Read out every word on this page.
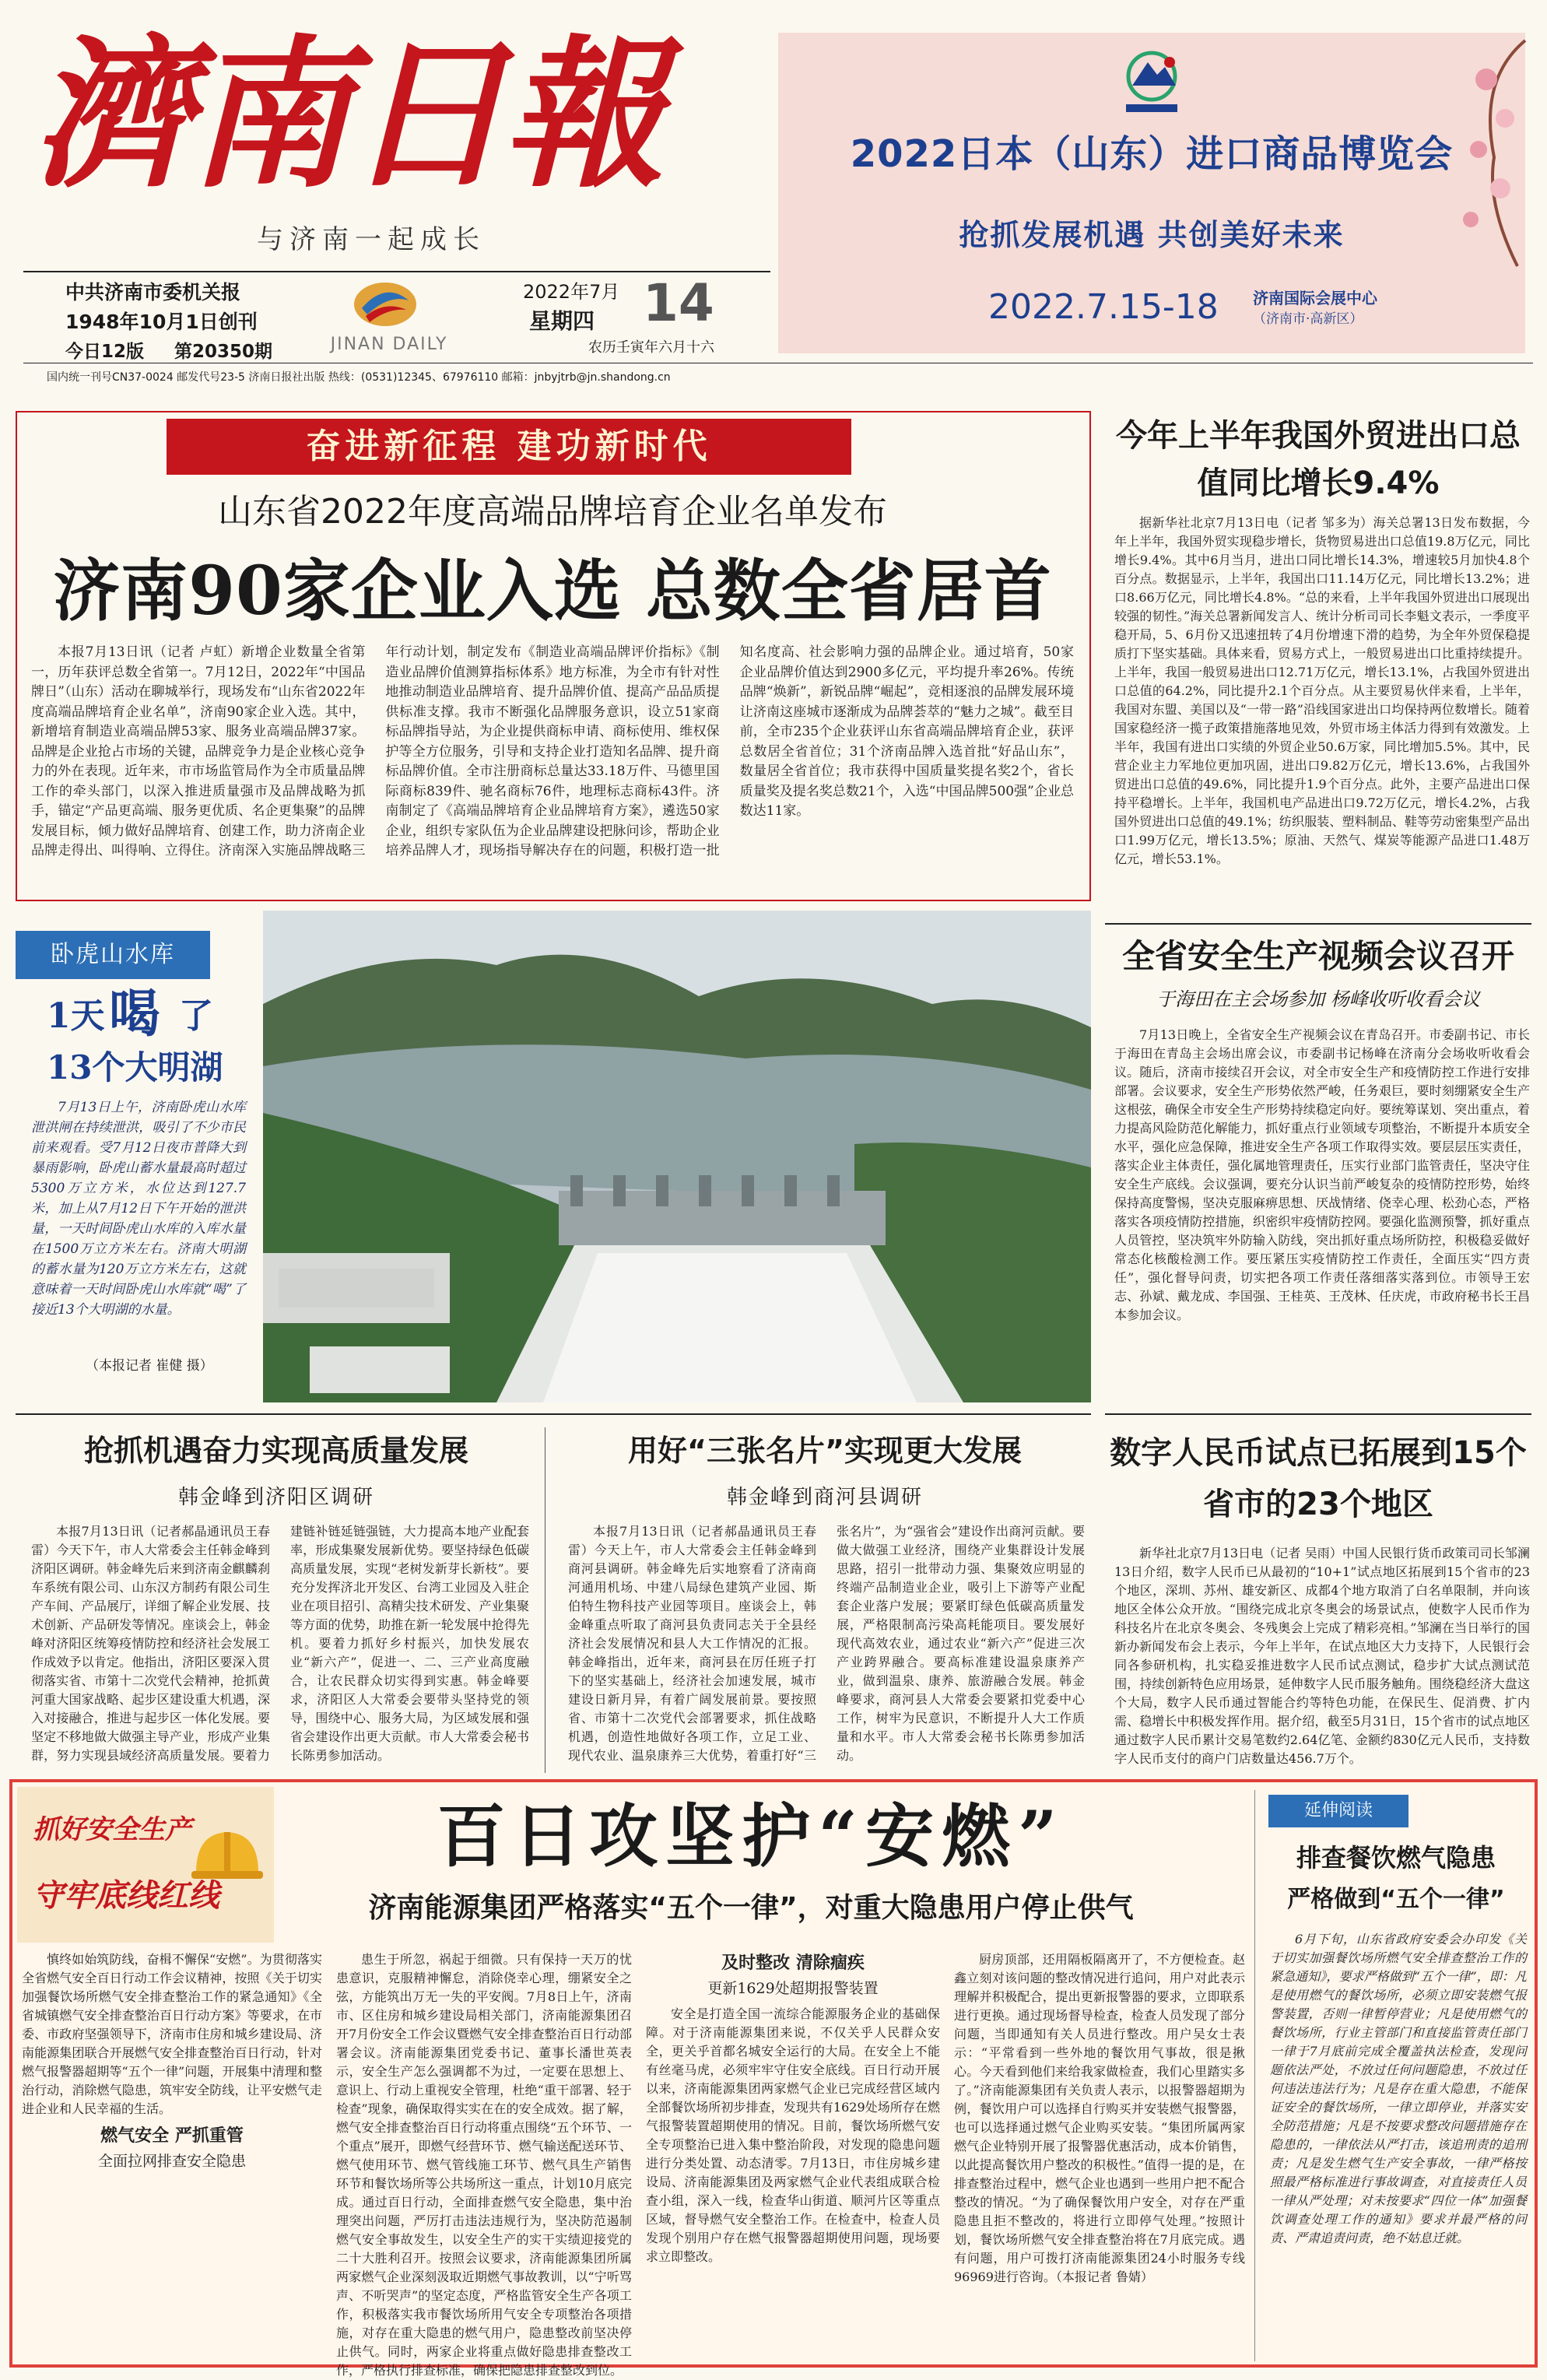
濟南日報
与济南一起成长
中共济南市委机关报
1948年10月1日创刊
今日12版	第20350期	JINAN DAILY
2022年7月
星期四 14
农历壬寅年六月十六
国内统一刊号CN37-0024 邮发代号23-5 济南日报社出版 热线：(0531)12345、67976110 邮箱：jnbyjtrb@jn.shandong.cn
2022日本（山东）进口商品博览会
抢抓发展机遇 共创美好未来
2022.7.15-18	济南国际会展中心
（济南市·高新区）
奋进新征程 建功新时代
山东省2022年度高端品牌培育企业名单发布
济南90家企业入选 总数全省居首

本报7月13日讯（记者 卢虹）新增企业数量全省第一，历年获评总数全省第一。7月12日，2022年“中国品牌日”（山东）活动在聊城举行，现场发布“山东省2022年度高端品牌培育企业名单”，济南90家企业入选。其中，新增培育制造业高端品牌53家、服务业高端品牌37家。品牌是企业抢占市场的关键，品牌竞争力是企业核心竞争力的外在表现。近年来，市市场监管局作为全市质量品牌工作的牵头部门，以深入推进质量强市及品牌战略为抓手，锚定“产品更高端、服务更优质、名企更集聚”的品牌发展目标，倾力做好品牌培育、创建工作，助力济南企业品牌走得出、叫得响、立得住。济南深入实施品牌战略三年行动计划，制定发布《制造业高端品牌评价指标》《制造业品牌价值测算指标体系》地方标准，为全市有针对性地推动制造业品牌培育、提升品牌价值、提高产品品质提供标准支撑。我市不断强化品牌服务意识，设立51家商标品牌指导站，为企业提供商标申请、商标使用、维权保护等全方位服务，引导和支持企业打造知名品牌、提升商标品牌价值。全市注册商标总量达33.18万件、马德里国际商标839件、驰名商标76件，地理标志商标43件。济南制定了《高端品牌培育企业品牌培育方案》，遴选50家企业，组织专家队伍为企业品牌建设把脉问诊，帮助企业培养品牌人才，现场指导解决存在的问题，积极打造一批知名度高、社会影响力强的品牌企业。通过培育，50家企业品牌价值达到2900多亿元，平均提升率26%。传统品牌“焕新”，新锐品牌“崛起”，竞相逐浪的品牌发展环境让济南这座城市逐渐成为品牌荟萃的“魅力之城”。截至目前，全市235个企业获评山东省高端品牌培育企业，获评总数居全省首位；31个济南品牌入选首批“好品山东”，数量居全省首位；我市获得中国质量奖提名奖2个，省长质量奖及提名奖总数21个，入选“中国品牌500强”企业总数达11家。

今年上半年我国外贸进出口总值同比增长9.4%

据新华社北京7月13日电（记者 邹多为）海关总署13日发布数据，今年上半年，我国外贸实现稳步增长，货物贸易进出口总值19.8万亿元，同比增长9.4%。其中6月当月，进出口同比增长14.3%，增速较5月加快4.8个百分点。数据显示，上半年，我国出口11.14万亿元，同比增长13.2%；进口8.66万亿元，同比增长4.8%。“总的来看，上半年我国外贸进出口展现出较强的韧性。”海关总署新闻发言人、统计分析司司长李魁文表示，一季度平稳开局，5、6月份又迅速扭转了4月份增速下滑的趋势，为全年外贸保稳提质打下坚实基础。具体来看，贸易方式上，一般贸易进出口比重持续提升。上半年，我国一般贸易进出口12.71万亿元，增长13.1%，占我国外贸进出口总值的64.2%，同比提升2.1个百分点。从主要贸易伙伴来看，上半年，我国对东盟、美国以及“一带一路”沿线国家进出口均保持两位数增长。随着国家稳经济一揽子政策措施落地见效，外贸市场主体活力得到有效激发。上半年，我国有进出口实绩的外贸企业50.6万家，同比增加5.5%。其中，民营企业主力军地位更加巩固，进出口9.82万亿元，增长13.6%，占我国外贸进出口总值的49.6%，同比提升1.9个百分点。此外，主要产品进出口保持平稳增长。上半年，我国机电产品进出口9.72万亿元，增长4.2%，占我国外贸进出口总值的49.1%；纺织服装、塑料制品、鞋等劳动密集型产品出口1.99万亿元，增长13.5%；原油、天然气、煤炭等能源产品进口1.48万亿元，增长53.1%。

卧虎山水库
1天 喝 了
13个大明湖

7月13日上午，济南卧虎山水库泄洪闸在持续泄洪，吸引了不少市民前来观看。受7月12日夜市普降大到暴雨影响，卧虎山蓄水量最高时超过5300万立方米，水位达到127.7米，加上从7月12日下午开始的泄洪量，一天时间卧虎山水库的入库水量在1500万立方米左右。济南大明湖的蓄水量为120万立方米左右，这就意味着一天时间卧虎山水库就“喝”了接近13个大明湖的水量。

（本报记者 崔健 摄）
全省安全生产视频会议召开
于海田在主会场参加 杨峰收听收看会议

7月13日晚上，全省安全生产视频会议在青岛召开。市委副书记、市长于海田在青岛主会场出席会议，市委副书记杨峰在济南分会场收听收看会议。随后，济南市接续召开会议，对全市安全生产和疫情防控工作进行安排部署。会议要求，安全生产形势依然严峻，任务艰巨，要时刻绷紧安全生产这根弦，确保全市安全生产形势持续稳定向好。要统筹谋划、突出重点，着力提高风险防范化解能力，抓好重点行业领域专项整治，不断提升本质安全水平，强化应急保障，推进安全生产各项工作取得实效。要层层压实责任，落实企业主体责任，强化属地管理责任，压实行业部门监管责任，坚决守住安全生产底线。会议强调，要充分认识当前严峻复杂的疫情防控形势，始终保持高度警惕，坚决克服麻痹思想、厌战情绪、侥幸心理、松劲心态，严格落实各项疫情防控措施，织密织牢疫情防控网。要强化监测预警，抓好重点人员管控，坚决筑牢外防输入防线，突出抓好重点场所防控，积极稳妥做好常态化核酸检测工作。要压紧压实疫情防控工作责任，全面压实“四方责任”，强化督导问责，切实把各项工作责任落细落实落到位。市领导王宏志、孙斌、戴龙成、李国强、王桂英、王茂林、任庆虎，市政府秘书长王昌本参加会议。

抢抓机遇奋力实现高质量发展
韩金峰到济阳区调研

本报7月13日讯（记者郝晶通讯员王春雷）今天下午，市人大常委会主任韩金峰到济阳区调研。韩金峰先后来到济南金麒麟刹车系统有限公司、山东汉方制药有限公司生产车间、产品展厅，详细了解企业发展、技术创新、产品研发等情况。座谈会上，韩金峰对济阳区统筹疫情防控和经济社会发展工作成效予以肯定。他指出，济阳区要深入贯彻落实省、市第十二次党代会精神，抢抓黄河重大国家战略、起步区建设重大机遇，深入对接融合，推进与起步区一体化发展。要坚定不移地做大做强主导产业，形成产业集群，努力实现县域经济高质量发展。要着力建链补链延链强链，大力提高本地产业配套率，形成集聚发展新优势。要坚持绿色低碳高质量发展，实现“老树发新芽长新枝”。要充分发挥济北开发区、台湾工业园及入驻企业在项目招引、高精尖技术研发、产业集聚等方面的优势，助推在新一轮发展中抢得先机。要着力抓好乡村振兴，加快发展农业“新六产”，促进一、二、三产业高度融合，让农民群众切实得到实惠。韩金峰要求，济阳区人大常委会要带头坚持党的领导，围绕中心、服务大局，为区域发展和强省会建设作出更大贡献。市人大常委会秘书长陈勇参加活动。

用好“三张名片”实现更大发展
韩金峰到商河县调研

本报7月13日讯（记者郝晶通讯员王春雷）今天上午，市人大常委会主任韩金峰到商河县调研。韩金峰先后实地察看了济南商河通用机场、中建八局绿色建筑产业园、斯伯特生物科技产业园等项目。座谈会上，韩金峰重点听取了商河县负责同志关于全县经济社会发展情况和县人大工作情况的汇报。韩金峰指出，近年来，商河县在厉任班子打下的坚实基础上，经济社会加速发展，城市建设日新月异，有着广阔发展前景。要按照省、市第十二次党代会部署要求，抓住战略机遇，创造性地做好各项工作，立足工业、现代农业、温泉康养三大优势，着重打好“三张名片”，为“强省会”建设作出商河贡献。要做大做强工业经济，围绕产业集群设计发展思路，招引一批带动力强、集聚效应明显的终端产品制造业企业，吸引上下游等产业配套企业落户发展；要紧盯绿色低碳高质量发展，严格限制高污染高耗能项目。要发展好现代高效农业，通过农业“新六产”促进三次产业跨界融合。要高标准建设温泉康养产业，做到温泉、康养、旅游融合发展。韩金峰要求，商河县人大常委会要紧扣党委中心工作，树牢为民意识，不断提升人大工作质量和水平。市人大常委会秘书长陈勇参加活动。

数字人民币试点已拓展到15个省市的23个地区

新华社北京7月13日电（记者 吴雨）中国人民银行货币政策司司长邹澜13日介绍，数字人民币已从最初的“10+1”试点地区拓展到15个省市的23个地区，深圳、苏州、雄安新区、成都4个地方取消了白名单限制，并向该地区全体公众开放。“围绕完成北京冬奥会的场景试点，使数字人民币作为科技名片在北京冬奥会、冬残奥会上完成了精彩亮相。”邹澜在当日举行的国新办新闻发布会上表示，今年上半年，在试点地区大力支持下，人民银行会同各参研机构，扎实稳妥推进数字人民币试点测试，稳步扩大试点测试范围，持续创新特色应用场景，延伸数字人民币服务触角。围绕稳经济大盘这个大局，数字人民币通过智能合约等特色功能，在保民生、促消费、扩内需、稳增长中积极发挥作用。据介绍，截至5月31日，15个省市的试点地区通过数字人民币累计交易笔数约2.64亿笔、金额约830亿元人民币，支持数字人民币支付的商户门店数量达456.7万个。

抓好安全生产
守牢底线红线
百日攻坚护“安燃”
济南能源集团严格落实“五个一律”，对重大隐患用户停止供气

慎终如始筑防线，奋楫不懈保“安燃”。为贯彻落实全省燃气安全百日行动工作会议精神，按照《关于切实加强餐饮场所燃气安全排查整治工作的紧急通知》《全省城镇燃气安全排查整治百日行动方案》等要求，在市委、市政府坚强领导下，济南市住房和城乡建设局、济南能源集团联合开展燃气安全排查整治百日行动，针对燃气报警器超期等“五个一律”问题，开展集中清理和整治行动，消除燃气隐患，筑牢安全防线，让平安燃气走进企业和人民幸福的生活。

燃气安全 严抓重管
全面拉网排查安全隐患

患生于所忽，祸起于细微。只有保持一天万的忧患意识，克服精神懈怠，消除侥幸心理，绷紧安全之弦，方能筑出万无一失的平安阀。7月8日上午，济南市、区住房和城乡建设局相关部门，济南能源集团召开7月份安全工作会议暨燃气安全排查整治百日行动部署会议。济南能源集团党委书记、董事长潘世英表示，安全生产怎么强调都不为过，一定要在思想上、意识上、行动上重视安全管理，杜绝“重干部署、轻于检查”现象，确保取得实实在在的安全成效。据了解，燃气安全排查整治百日行动将重点围绕“五个环节、一个重点”展开，即燃气经营环节、燃气输送配送环节、燃气使用环节、燃气管线施工环节、燃气具生产销售环节和餐饮场所等公共场所这一重点，计划10月底完成。通过百日行动，全面排查燃气安全隐患，集中治理突出问题，严厉打击违法违规行为，坚决防范遏制燃气安全事故发生，以安全生产的实干实绩迎接党的二十大胜利召开。按照会议要求，济南能源集团所属两家燃气企业深刻汲取近期燃气事故教训，以“宁听骂声、不听哭声”的坚定态度，严格监管安全生产各项工作，积极落实我市餐饮场所用气安全专项整治各项措施，对存在重大隐患的燃气用户，隐患整改前坚决停止供气。同时，两家企业将重点做好隐患排查整改工作，严格执行排查标准，确保把隐患排查整改到位。

及时整改 清除痼疾
更新1629处超期报警装置

安全是打造全国一流综合能源服务企业的基础保障。对于济南能源集团来说，不仅关乎人民群众安全，更关乎首都名城安全运行的大局。在安全上不能有丝毫马虎，必须牢牢守住安全底线。百日行动开展以来，济南能源集团两家燃气企业已完成经营区域内全部餐饮场所初步排查，发现共有1629处场所存在燃气报警装置超期使用的情况。目前，餐饮场所燃气安全专项整治已进入集中整治阶段，对发现的隐患问题进行分类处置、动态清零。7月13日，市住房城乡建设局、济南能源集团及两家燃气企业代表组成联合检查小组，深入一线，检查华山街道、顺河片区等重点区域，督导燃气安全整治工作。在检查中，检查人员发现个别用户存在燃气报警器超期使用问题，现场要求立即整改。

厨房顶部，还用隔板隔离开了，不方便检查。赵鑫立刻对该问题的整改情况进行追问，用户对此表示理解并积极配合，提出更新报警器的要求，立即联系进行更换。通过现场督导检查，检查人员发现了部分问题，当即通知有关人员进行整改。用户吴女士表示：“平常看到一些外地的餐饮用气事故，很是揪心。今天看到他们来给我家做检查，我们心里踏实多了。”济南能源集团有关负责人表示，以报警器超期为例，餐饮用户可以选择自行购买并安装燃气报警器，也可以选择通过燃气企业购买安装。“集团所属两家燃气企业特别开展了报警器优惠活动，成本价销售，以此提高餐饮用户整改的积极性。”值得一提的是，在排查整治过程中，燃气企业也遇到一些用户把不配合整改的情况。“为了确保餐饮用户安全，对存在严重隐患且拒不整改的，将进行立即停气处理。”按照计划，餐饮场所燃气安全排查整治将在7月底完成。遇有问题，用户可拨打济南能源集团24小时服务专线96969进行咨询。（本报记者 鲁婧）

延伸阅读
排查餐饮燃气隐患
严格做到“五个一律”

6月下旬，山东省政府安委会办印发《关于切实加强餐饮场所燃气安全排查整治工作的紧急通知》，要求严格做到“五个一律”，即：凡是使用燃气的餐饮场所，必须立即安装燃气报警装置，否则一律暂停营业；凡是使用燃气的餐饮场所，行业主管部门和直接监管责任部门一律于7月底前完成全覆盖执法检查，发现问题依法严处，不放过任何问题隐患，不放过任何违法违法行为；凡是存在重大隐患，不能保证安全的餐饮场所，一律立即停业，并落实安全防范措施；凡是不按要求整改问题措施存在隐患的，一律依法从严打击，该追刑责的追刑责；凡是发生燃气生产安全事故，一律严格按照最严格标准进行事故调查，对直接责任人员一律从严处理；对未按要求“四位一体”加强餐饮调查处理工作的通知》要求并最严格的问责、严肃追责问责，绝不姑息迁就。
